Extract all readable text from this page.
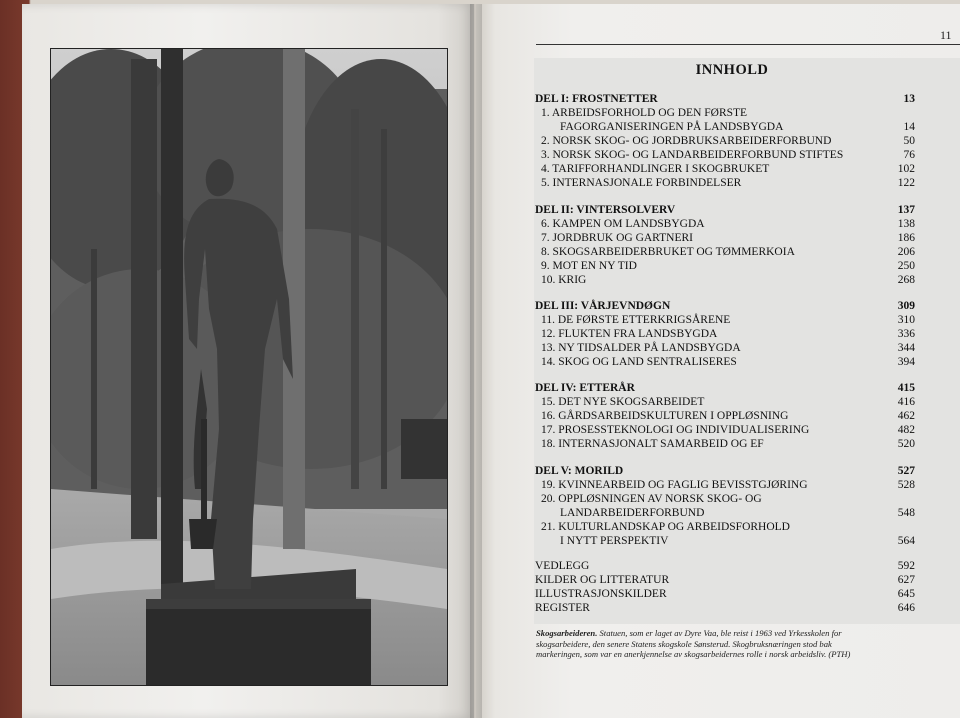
11
INNHOLD
DEL I: FROSTNETTER	13
1. ARBEIDSFORHOLD OG DEN FØRSTE
FAGORGANISERINGEN PÅ LANDSBYGDA	14
2. NORSK SKOG- OG JORDBRUKSARBEIDERFORBUND	50
3. NORSK SKOG- OG LANDARBEIDERFORBUND STIFTES	76
4. TARIFFORHANDLINGER I SKOGBRUKET	102
5. INTERNASJONALE FORBINDELSER	122
DEL II: VINTERSOLVERV	137
6. KAMPEN OM LANDSBYGDA	138
7. JORDBRUK OG GARTNERI	186
8. SKOGSARBEIDERBRUKET OG TØMMERKOIA	206
9. MOT EN NY TID	250
10. KRIG	268
DEL III: VÅRJEVNDØGN	309
11. DE FØRSTE ETTERKRIGSÅRENE	310
12. FLUKTEN FRA LANDSBYGDA	336
13. NY TIDSALDER PÅ LANDSBYGDA	344
14. SKOG OG LAND SENTRALISERES	394
DEL IV: ETTERÅR	415
15. DET NYE SKOGSARBEIDET	416
16. GÅRDSARBEIDSKULTUREN I OPPLØSNING	462
17. PROSESSTEKNOLOGI OG INDIVIDUALISERING	482
18. INTERNASJONALT SAMARBEID OG EF	520
DEL V: MORILD	527
19. KVINNEARBEID OG FAGLIG BEVISSTGJØRING	528
20. OPPLØSNINGEN AV NORSK SKOG- OG
LANDARBEIDERFORBUND	548
21. KULTURLANDSKAP OG ARBEIDSFORHOLD
I NYTT PERSPEKTIV	564
VEDLEGG	592
KILDER OG LITTERATUR	627
ILLUSTRASJONSKILDER	645
REGISTER	646
Skogsarbeideren. Statuen, som er laget av Dyre Vaa, ble reist i 1963 ved Yrkesskolen for skogsarbeidere, den senere Statens skogskole Sønsterud. Skogbruksnæringen stod bak markeringen, som var en anerkjennelse av skogsarbeidernes rolle i norsk arbeidsliv. (PTH)
